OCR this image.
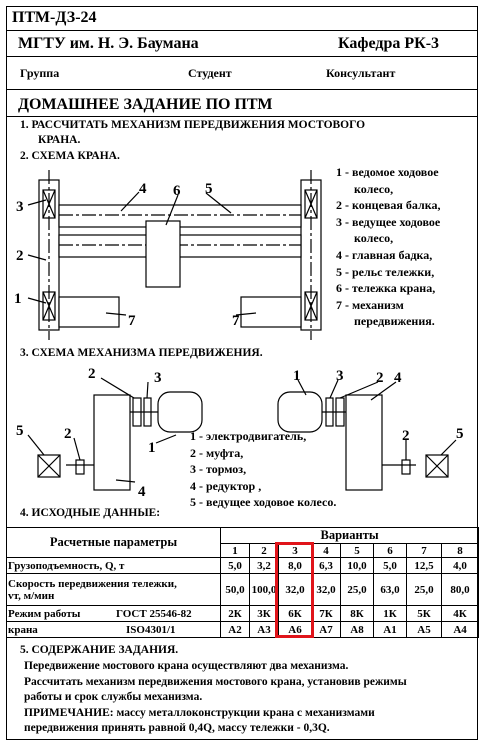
ПТМ-ДЗ-24
МГТУ им. Н. Э. Баумана	Кафедра РК-3
Группа	Студент	Консультант
ДОМАШНЕЕ ЗАДАНИЕ ПО ПТМ
1. РАССЧИТАТЬ МЕХАНИЗМ ПЕРЕДВИЖЕНИЯ МОСТОВОГО
КРАНА.
2. СХЕМА КРАНА.
1
2
3
4	5
6
7	7
1 - ведомое ходовое
колесо,
2 - концевая балка,
3 - ведущее ходовое
колесо,
4 - главная бадка,
5 - рельс тележки,
6 - тележка крана,
7 - механизм
передвижения.
3. СХЕМА МЕХАНИЗМА ПЕРЕДВИЖЕНИЯ.
1
2	3
4
5	2
1	2
3	4
5
2
1 - электродвигатель,
2 - муфта,
3 - тормоз,
4 - редуктор ,
5 - ведущее ходовое колесо.
4. ИСХОДНЫЕ ДАННЫЕ:
Расчетные параметры	Варианты							
	1	2	3	4	5	6	7	8
Грузоподъемность, Q, т	5,0	3,2	8,0	6,3	10,0	5,0	12,5	4,0
Скорость передвижения тележки,
vт, м/мин	50,0	100,0	32,0	32,0	25,0	63,0	25,0	80,0
Режим работы ГОСТ 25546-82	2К	3К	6К	7К	8К	1К	5К	4К
крана ISO4301/1	А2	А3	А6	А7	А8	А1	А5	А4
5. СОДЕРЖАНИЕ ЗАДАНИЯ.
Передвижение мостового крана осуществляют два механизма.
Рассчитать механизм передвижения мостового крана, установив режимы
работы и срок службы механизма.
ПРИМЕЧАНИЕ: массу металлоконструкции крана с механизмами
передвижения принять равной 0,4Q, массу тележки - 0,3Q.
